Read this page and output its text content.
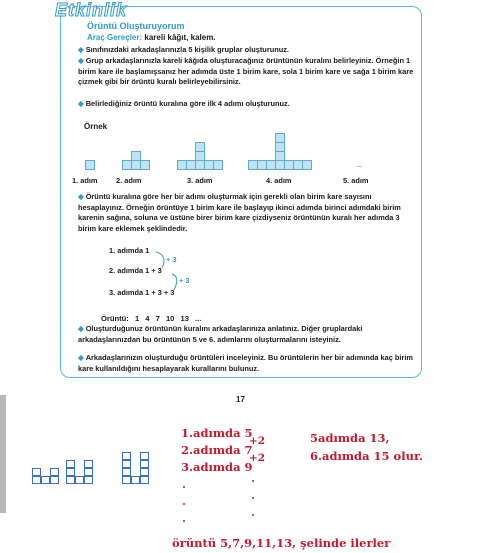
Etkinlik
Örüntü Oluşturuyorum
Araç Gereçler: kareli kâğıt, kalem.
◆ Sınıfınızdaki arkadaşlarınızla 5 kişilik gruplar oluşturunuz.
◆ Grup arkadaşlarınızla kareli kâğıda oluşturacağınız örüntünün kuralını belirleyiniz. Örneğin 1 birim kare ile başlamışsanız her adımda üste 1 birim kare, sola 1 birim kare ve sağa 1 birim kare çizmek gibi bir örüntü kuralı belirleyebilirsiniz.
◆ Belirlediğiniz örüntü kuralına göre ilk 4 adımı oluşturunuz.
Örnek
1. adım	2. adım	3. adım	4. adım	5. adım
_
◆ Örüntü kuralına göre her bir adımı oluşturmak için gerekli olan birim kare sayısını hesaplayınız. Örneğin örüntüye 1 birim kare ile başlayıp ikinci adımda birinci adımdaki birim karenin sağına, soluna ve üstüne birer birim kare çizdiyseniz örüntünün kuralı her adımda 3 birim kare eklemek şeklindedir.
1. adımda 1
2. adımda 1 + 3
3. adımda 1 + 3 + 3
+ 3
+ 3
Örüntü: 1 4 7 10 13 ...
◆ Oluşturduğunuz örüntünün kuralını arkadaşlarınıza anlatınız. Diğer gruplardaki arkadaşlarınızdan bu örüntünün 5 ve 6. adımlarını oluşturmalarını isteyiniz.
◆ Arkadaşlarınızın oluşturduğu örüntüleri inceleyiniz. Bu örüntülerin her bir adımında kaç birim kare kullanıldığını hesaplayarak kurallarını bulunuz.
17
1.adımda 5
2.adımda 7
3.adımda 9
+2
+2
5adımda 13,
6.adımda 15 olur.
örüntü 5,7,9,11,13, şelinde ilerler
